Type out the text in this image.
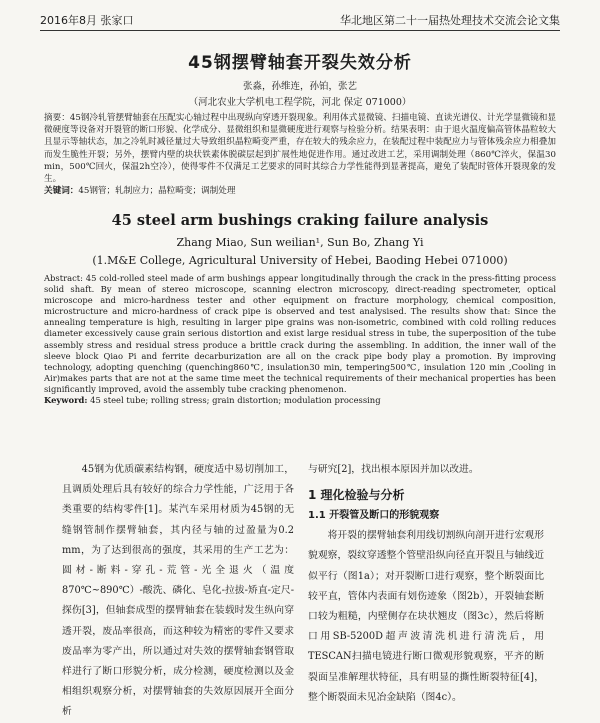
2016年8月 张家口	华北地区第二十一届热处理技术交流会论文集
45钢摆臂轴套开裂失效分析
张淼，孙维连，孙铂，张艺
（河北农业大学机电工程学院，河北 保定 071000）
摘要：45钢冷轧管摆臂轴套在压配实心轴过程中出现纵向穿透开裂现象。利用体式显微镜、扫描电镜、直读光谱仪、计光学显微镜和显微硬度等设备对开裂管的断口形貌、化学成分、显微组织和显微硬度进行观察与检验分析。结果表明：由于退火温度偏高管体晶粒较大且显示等轴状态，加之冷轧时减径量过大导致组织晶粒畸变严重，存在较大的残余应力，在装配过程中装配应力与管体残余应力相叠加而发生脆性开裂；另外，摆臂内壁的块状铁素体脱碳层起到扩展性地促进作用。通过改进工艺，采用调制处理（860℃淬火，保温30 min，500℃回火，保温2h空冷），使得零件不仅满足工艺要求的同时其综合力学性能得到显著提高，避免了装配时管体开裂现象的发生。
关键词：45钢管；轧制应力；晶粒畸变；调制处理
45 steel arm bushings craking failure analysis
Zhang Miao, Sun weilian¹, Sun Bo, Zhang Yi
(1.M&E College, Agricultural University of Hebei, Baoding Hebei 071000)
Abstract: 45 cold-rolled steel made of arm bushings appear longitudinally through the crack in the press-fitting process solid shaft. By mean of stereo microscope, scanning electron microscopy, direct-reading spectrometer, optical microscope and micro-hardness tester and other equipment on fracture morphology, chemical composition, microstructure and micro-hardness of crack pipe is observed and test analysised. The results show that: Since the annealing temperature is high, resulting in larger pipe grains was non-isometric, combined with cold rolling reduces diameter excessively cause grain serious distortion and exist large residual stress in tube, the superposition of the tube assembly stress and residual stress produce a brittle crack during the assembling. In addition, the inner wall of the sleeve block Qiao Pi and ferrite decarburization are all on the crack pipe body play a promotion. By improving technology, adopting quenching (quenching860℃, insulation30 min, tempering500℃, insulation 120 min ,Cooling in Air)makes parts that are not at the same time meet the technical requirements of their mechanical properties has been significantly improved, avoid the assembly tube cracking phenomenon.
Keyword: 45 steel tube; rolling stress; grain distortion; modulation processing
45钢为优质碳素结构钢，硬度适中易切削加工，且调质处理后具有较好的综合力学性能，广泛用于各类重要的结构零件[1]。某汽车采用材质为45钢的无缝钢管制作摆臂轴套，其内径与轴的过盈量为0.2 mm，为了达到很高的强度，其采用的生产工艺为：圆材-断料-穿孔-荒管-光全退火（温度870℃~890℃）-酸洗、磷化、皂化-拉拔-矫直-定尺-探伤[3]，但轴套成型的摆臂轴套在装载时发生纵向穿透开裂，废品率很高，而这种较为精密的零件又要求废品率为零产出，所以通过对失效的摆臂轴套钢管取样进行了断口形貌分析，成分检测，硬度检测以及金相组织观察分析，对摆臂轴套的失效原因展开全面分析
与研究[2]，找出根本原因并加以改进。
1 理化检验与分析
1.1 开裂管及断口的形貌观察
将开裂的摆臂轴套利用线切割纵向剖开进行宏观形貌观察，裂纹穿透整个管壁沿纵向径直开裂且与轴线近似平行（图1a）；对开裂断口进行观察，整个断裂面比较平直，管体内表面有划伤迹象（图2b），开裂轴套断口较为粗糙，内壁侧存在块状翘皮（图3c），然后将断口用SB-5200D超声波清洗机进行清洗后，用TESCAN扫描电镜进行断口微观形貌观察，平齐的断裂面呈准解理状特征，具有明显的撕性断裂特征[4]，整个断裂面未见冶金缺陷（图4c）。
